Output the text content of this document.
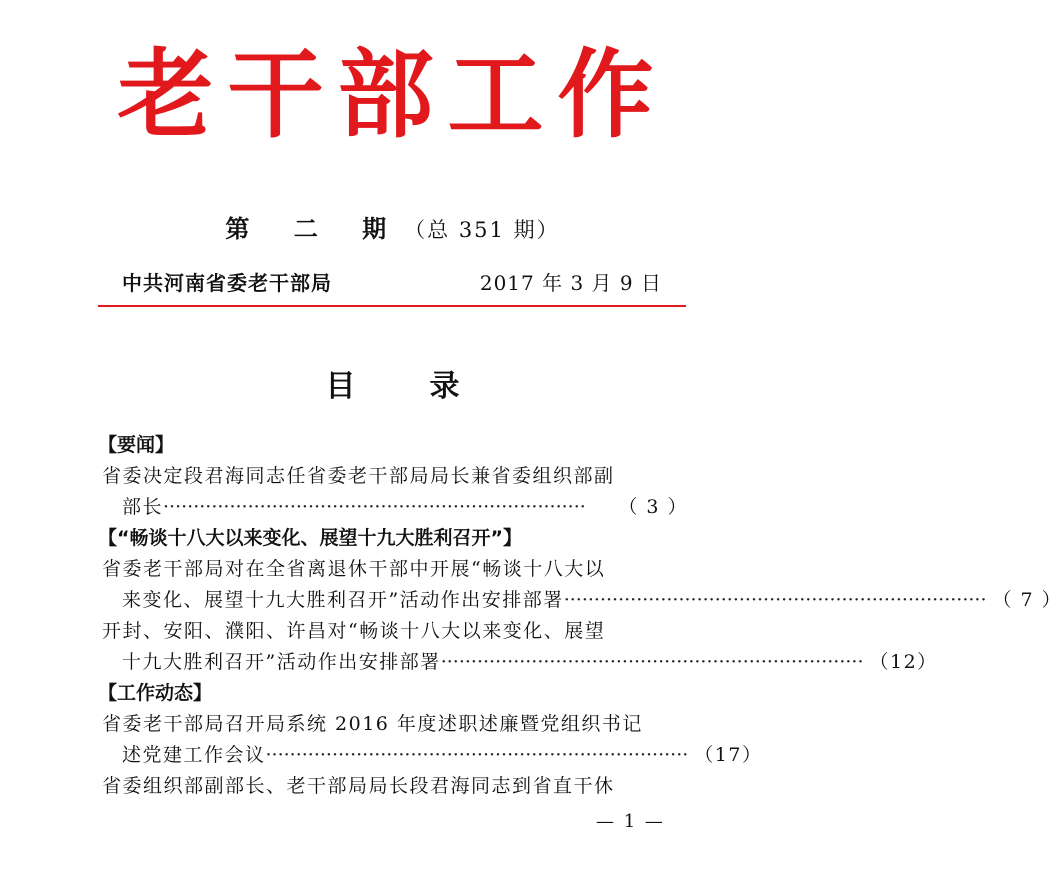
老干部工作
第 二 期（总 351 期）
中共河南省委老干部局	2017 年 3 月 9 日
目录
【要闻】
省委决定段君海同志任省委老干部局局长兼省委组织部副
部长 ······································································	（ 3 ）
【“畅谈十八大以来变化、展望十九大胜利召开”】
省委老干部局对在全省离退休干部中开展“畅谈十八大以
来变化、展望十九大胜利召开”活动作出安排部署 ······································································ （ 7 ）
开封、安阳、濮阳、许昌对“畅谈十八大以来变化、展望
十九大胜利召开”活动作出安排部署 ······································································ （12）
【工作动态】
省委老干部局召开局系统 2016 年度述职述廉暨党组织书记
述党建工作会议 ······································································ （17）
省委组织部副部长、老干部局局长段君海同志到省直干休
— 1 —
